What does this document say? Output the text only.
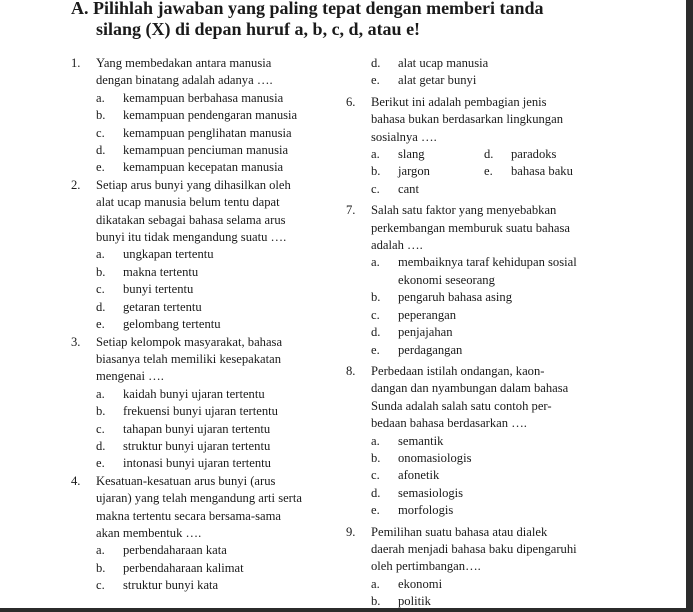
A. Pilihlah jawaban yang paling tepat dengan memberi tanda
silang (X) di depan huruf a, b, c, d, atau e!
1.	Yang membedakan antara manusia
dengan binatang adalah adanya ….
a.	kemampuan berbahasa manusia
b.	kemampuan pendengaran manusia
c.	kemampuan penglihatan manusia
d.	kemampuan penciuman manusia
e.	kemampuan kecepatan manusia
2.	Setiap arus bunyi yang dihasilkan oleh
alat ucap manusia belum tentu dapat
dikatakan sebagai bahasa selama arus
bunyi itu tidak mengandung suatu ….
a.	ungkapan tertentu
b.	makna tertentu
c.	bunyi tertentu
d.	getaran tertentu
e.	gelombang tertentu
3.	Setiap kelompok masyarakat, bahasa
biasanya telah memiliki kesepakatan
mengenai ….
a.	kaidah bunyi ujaran tertentu
b.	frekuensi bunyi ujaran tertentu
c.	tahapan bunyi ujaran tertentu
d.	struktur bunyi ujaran tertentu
e.	intonasi bunyi ujaran tertentu
4.	Kesatuan-kesatuan arus bunyi (arus
ujaran) yang telah mengandung arti serta
makna tertentu secara bersama-sama
akan membentuk ….
a.	perbendaharaan kata
b.	perbendaharaan kalimat
c.	struktur bunyi kata
d.	alat ucap manusia
e.	alat getar bunyi
6.	Berikut ini adalah pembagian jenis
bahasa bukan berdasarkan lingkungan
sosialnya ….
a.	slang	d.	paradoks
b.	jargon	e.	bahasa baku
c.	cant
7.	Salah satu faktor yang menyebabkan
perkembangan memburuk suatu bahasa
adalah ….
a.	membaiknya taraf kehidupan sosial
ekonomi seseorang
b.	pengaruh bahasa asing
c.	peperangan
d.	penjajahan
e.	perdagangan
8.	Perbedaan istilah ondangan, kaon-
dangan dan nyambungan dalam bahasa
Sunda adalah salah satu contoh per-
bedaan bahasa berdasarkan ….
a.	semantik
b.	onomasiologis
c.	afonetik
d.	semasiologis
e.	morfologis
9.	Pemilihan suatu bahasa atau dialek
daerah menjadi bahasa baku dipengaruhi
oleh pertimbangan….
a.	ekonomi
b.	politik
